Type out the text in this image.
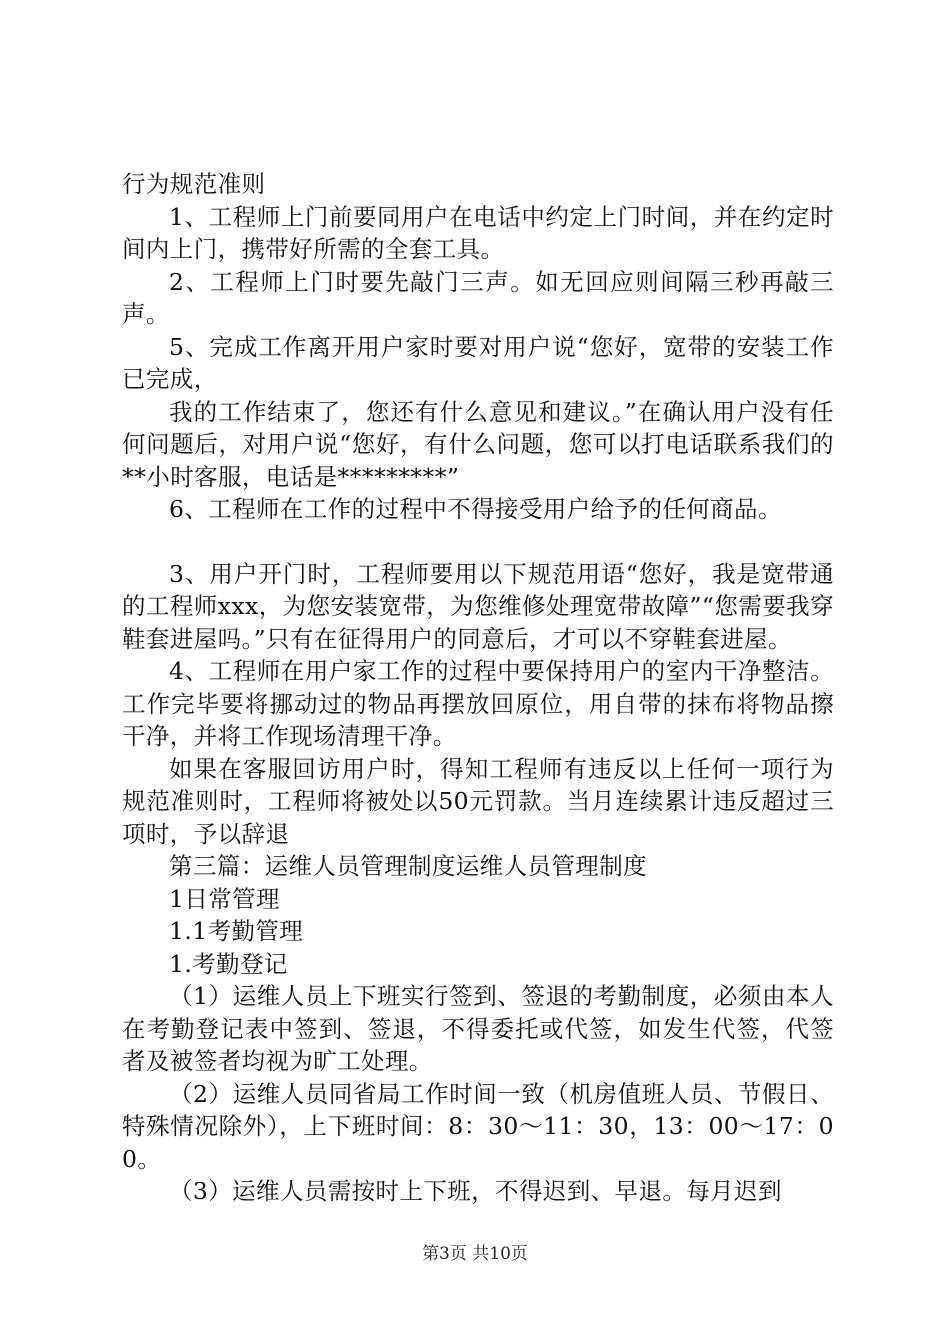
行为规范准则

1、工程师上门前要同用户在电话中约定上门时间，并在约定时间内上门，携带好所需的全套工具。

2、工程师上门时要先敲门三声。如无回应则间隔三秒再敲三声。

5、完成工作离开用户家时要对用户说“您好，宽带的安装工作已完成，

我的工作结束了，您还有什么意见和建议。”在确认用户没有任何问题后，对用户说“您好，有什么问题，您可以打电话联系我们的**小时客服，电话是*********”

6、工程师在工作的过程中不得接受用户给予的任何商品。

3、用户开门时，工程师要用以下规范用语“您好，我是宽带通的工程师xxx，为您安装宽带，为您维修处理宽带故障”“您需要我穿鞋套进屋吗。”只有在征得用户的同意后，才可以不穿鞋套进屋。

4、工程师在用户家工作的过程中要保持用户的室内干净整洁。工作完毕要将挪动过的物品再摆放回原位，用自带的抹布将物品擦干净，并将工作现场清理干净。

如果在客服回访用户时，得知工程师有违反以上任何一项行为规范准则时，工程师将被处以50元罚款。当月连续累计违反超过三项时，予以辞退

第三篇：运维人员管理制度运维人员管理制度

1日常管理

1.1考勤管理

1.考勤登记

（1）运维人员上下班实行签到、签退的考勤制度，必须由本人在考勤登记表中签到、签退，不得委托或代签，如发生代签，代签者及被签者均视为旷工处理。

（2）运维人员同省局工作时间一致（机房值班人员、节假日、特殊情况除外），上下班时间：8：30～11：30，13：00～17：00。

（3）运维人员需按时上下班，不得迟到、早退。每月迟到

第3页 共10页
